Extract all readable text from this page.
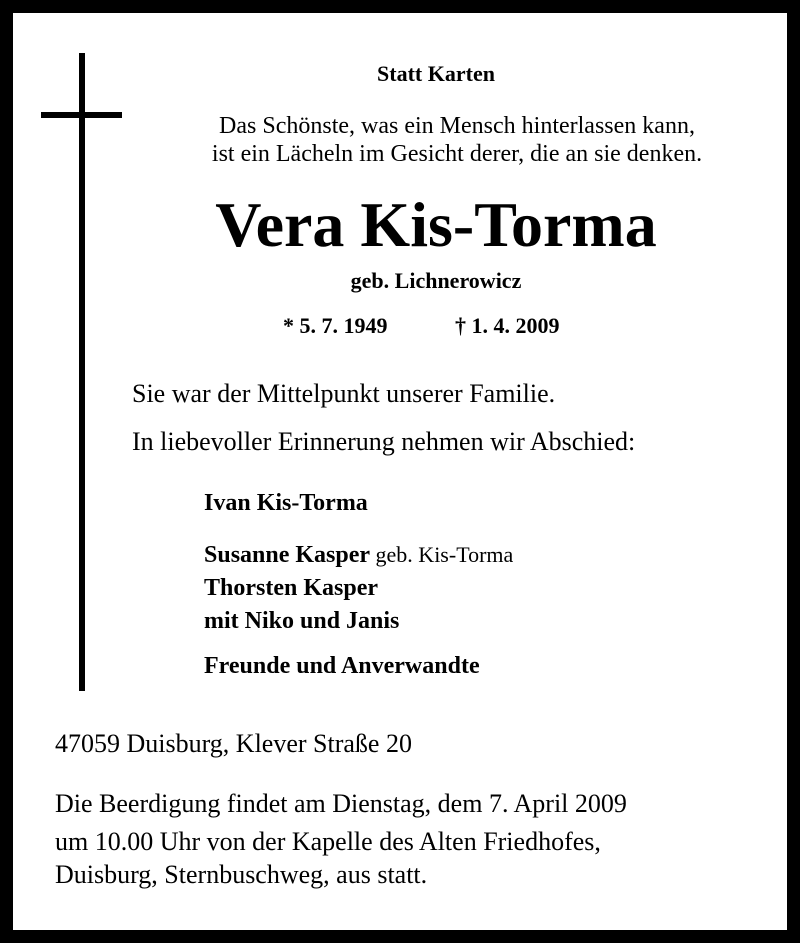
Statt Karten
Das Schönste, was ein Mensch hinterlassen kann,
ist ein Lächeln im Gesicht derer, die an sie denken.
Vera Kis-Torma
geb. Lichnerowicz
* 5. 7. 1949	† 1. 4. 2009
Sie war der Mittelpunkt unserer Familie.
In liebevoller Erinnerung nehmen wir Abschied:
Ivan Kis-Torma
Susanne Kasper geb. Kis-Torma
Thorsten Kasper
mit Niko und Janis
Freunde und Anverwandte
47059 Duisburg, Klever Straße 20
Die Beerdigung findet am Dienstag, dem 7. April 2009
um 10.00 Uhr von der Kapelle des Alten Friedhofes,
Duisburg, Sternbuschweg, aus statt.
